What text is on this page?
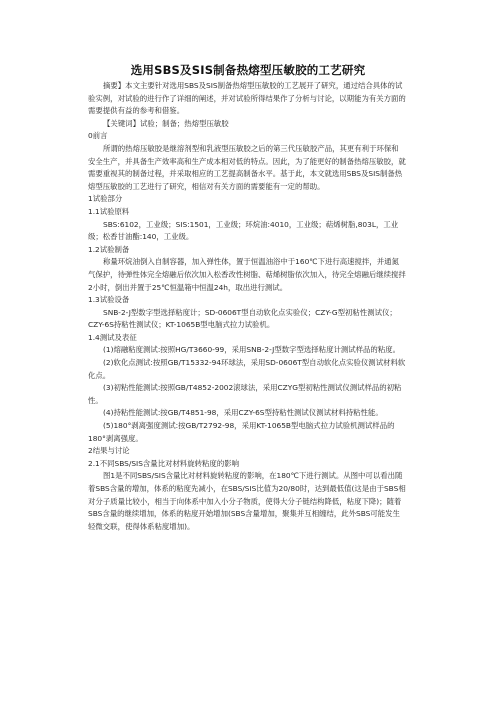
选用SBS及SIS制备热熔型压敏胶的工艺研究

摘要】本文主要针对选用SBS及SIS制备热熔型压敏胶的工艺展开了研究，通过结合具体的试验实例，对试验的进行作了详细的阐述，并对试验所得结果作了分析与讨论，以期能为有关方面的需要提供有益的参考和借鉴。

【关键词】试验；制备；热熔型压敏胶

0前言

所谓的热熔压敏胶是继溶剂型和乳液型压敏胶之后的第三代压敏胶产品，其更有利于环保和安全生产，并具备生产效率高和生产成本相对低的特点。因此，为了能更好的制备热熔压敏胶，就需要重视其的制备过程，并采取相应的工艺提高制备水平。基于此，本文就选用SBS及SIS制备热熔型压敏胶的工艺进行了研究，相信对有关方面的需要能有一定的帮助。

1试验部分

1.1试验原料

SBS:6102，工业级；SIS:1501，工业级；环烷油:4010，工业级；萜烯树脂,803L，工业级；松香甘油酯:140，工业级。

1.2试验制备

称量环烷油倒入自制容器，加入弹性体，置于恒温油浴中于160℃下进行高速搅拌，并通氮气保护，待弹性体完全熔融后依次加入松香改性树脂、萜烯树脂依次加入，待完全熔融后继续搅拌2小时，倒出并置于25℃恒温箱中恒温24h，取出进行测试。

1.3试验设备

SNB-2-J型数字型选择粘度计；SD-0606T型自动软化点实验仪；CZY-G型初粘性测试仪；CZY-6S持粘性测试仪；KT-1065B型电脑式拉力试验机。

1.4测试及表征

(1)熔融粘度测试:按照HG/T3660-99，采用SNB-2-J型数字型选择粘度计测试样品的粘度。

(2)软化点测试:按照GB/T15332-94环球法，采用SD-0606T型自动软化点实验仪测试材料软化点。

(3)初粘性能测试:按照GB/T4852-2002滚球法，采用CZYG型初粘性测试仪测试样品的初粘性。

(4)持粘性能测试:按GB/T4851-98，采用CZY-6S型持粘性测试仪测试材料持粘性能。

(5)180°剥离强度测试:按GB/T2792-98，采用KT-1065B型电脑式拉力试验机测试样品的180°剥离强度。

2结果与讨论

2.1不同SBS/SIS含量比对材料旋转粘度的影响

图1是不同SBS/SIS含量比对材料旋转粘度的影响，在180℃下进行测试。从图中可以看出随着SBS含量的增加，体系的粘度先减小，在SBS/SIS比值为20/80时，达到最低值(这是由于SBS相对分子质量比较小，相当于向体系中加入小分子物质，使得大分子链结构降低，粘度下降)；随着SBS含量的继续增加，体系的粘度开始增加(SBS含量增加，聚集并互相缠结，此外SBS可能发生轻微交联，使得体系粘度增加)。
